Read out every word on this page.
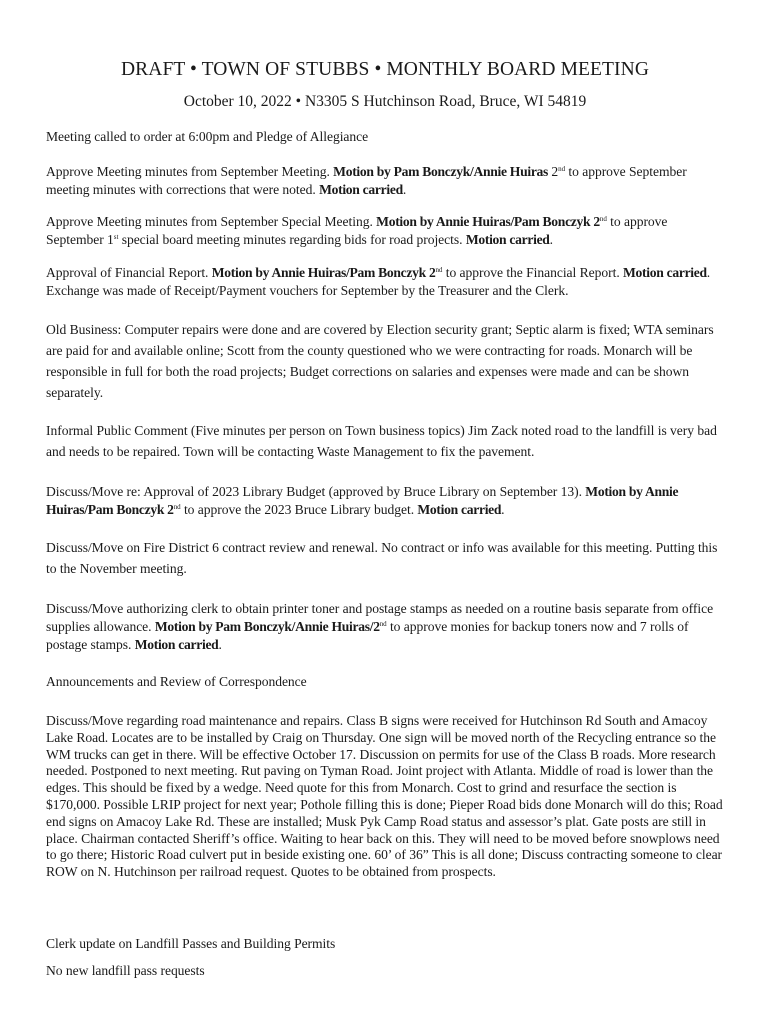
DRAFT • TOWN OF STUBBS • MONTHLY BOARD MEETING
October 10, 2022 • N3305 S Hutchinson Road, Bruce, WI 54819

Meeting called to order at 6:00pm and Pledge of Allegiance

Approve Meeting minutes from September Meeting. Motion by Pam Bonczyk/Annie Huiras 2nd to approve September meeting minutes with corrections that were noted. Motion carried.

Approve Meeting minutes from September Special Meeting. Motion by Annie Huiras/Pam Bonczyk 2nd to approve September 1st special board meeting minutes regarding bids for road projects. Motion carried.

Approval of Financial Report. Motion by Annie Huiras/Pam Bonczyk 2nd to approve the Financial Report. Motion carried. Exchange was made of Receipt/Payment vouchers for September by the Treasurer and the Clerk.

Old Business: Computer repairs were done and are covered by Election security grant; Septic alarm is fixed; WTA seminars are paid for and available online; Scott from the county questioned who we were contracting for roads. Monarch will be responsible in full for both the road projects; Budget corrections on salaries and expenses were made and can be shown separately.

Informal Public Comment (Five minutes per person on Town business topics) Jim Zack noted road to the landfill is very bad and needs to be repaired. Town will be contacting Waste Management to fix the pavement.

Discuss/Move re: Approval of 2023 Library Budget (approved by Bruce Library on September 13). Motion by Annie Huiras/Pam Bonczyk 2nd to approve the 2023 Bruce Library budget. Motion carried.

Discuss/Move on Fire District 6 contract review and renewal. No contract or info was available for this meeting. Putting this to the November meeting.

Discuss/Move authorizing clerk to obtain printer toner and postage stamps as needed on a routine basis separate from office supplies allowance. Motion by Pam Bonczyk/Annie Huiras/2nd to approve monies for backup toners now and 7 rolls of postage stamps. Motion carried.

Announcements and Review of Correspondence

Discuss/Move regarding road maintenance and repairs. Class B signs were received for Hutchinson Rd South and Amacoy Lake Road. Locates are to be installed by Craig on Thursday. One sign will be moved north of the Recycling entrance so the WM trucks can get in there. Will be effective October 17. Discussion on permits for use of the Class B roads. More research needed. Postponed to next meeting. Rut paving on Tyman Road. Joint project with Atlanta. Middle of road is lower than the edges. This should be fixed by a wedge. Need quote for this from Monarch. Cost to grind and resurface the section is $170,000. Possible LRIP project for next year; Pothole filling this is done; Pieper Road bids done Monarch will do this; Road end signs on Amacoy Lake Rd. These are installed; Musk Pyk Camp Road status and assessor’s plat. Gate posts are still in place. Chairman contacted Sheriff’s office. Waiting to hear back on this. They will need to be moved before snowplows need to go there; Historic Road culvert put in beside existing one. 60’ of 36” This is all done; Discuss contracting someone to clear ROW on N. Hutchinson per railroad request. Quotes to be obtained from prospects.

Clerk update on Landfill Passes and Building Permits

No new landfill pass requests
